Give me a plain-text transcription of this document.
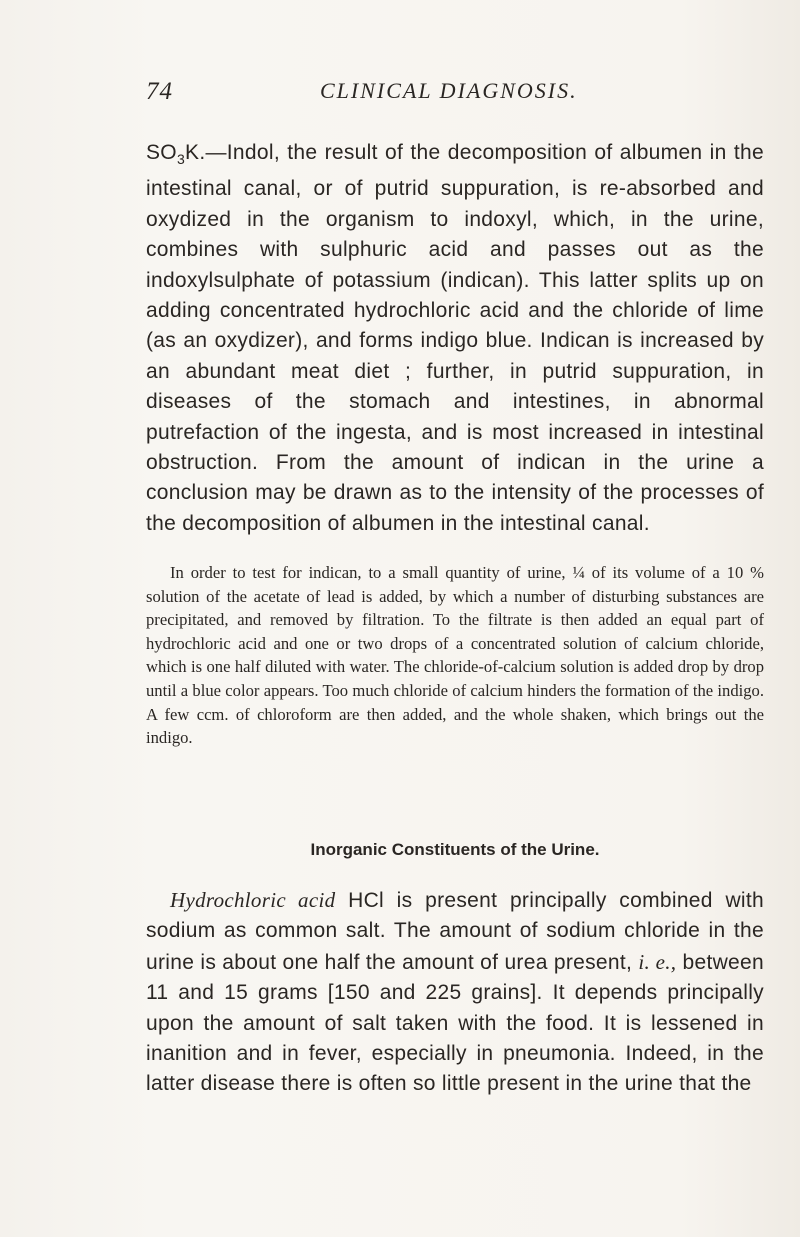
74	CLINICAL DIAGNOSIS.

$SO_3K.—Indol$, the result of the decomposition of albumen in the intestinal canal, or of putrid suppuration, is re-absorbed and oxydized in the organism to indoxyl, which, in the urine, combines with sulphuric acid and passes out as the indoxylsulphate of potassium (indican). This latter splits up on adding concentrated hydrochloric acid and the chloride of lime (as an oxydizer), and forms indigo blue. Indican is increased by an abundant meat diet ; further, in putrid suppuration, in diseases of the stomach and intestines, in abnormal putrefaction of the ingesta, and is most increased in intestinal obstruction. From the amount of indican in the urine a conclusion may be drawn as to the intensity of the processes of the decomposition of albumen in the intestinal canal.

In order to test for indican, to a small quantity of urine, ¼ of its volume of a 10 % solution of the acetate of lead is added, by which a number of disturbing substances are precipitated, and removed by filtration. To the filtrate is then added an equal part of hydrochloric acid and one or two drops of a concentrated solution of calcium chloride, which is one half diluted with water. The chloride-of-calcium solution is added drop by drop until a blue color appears. Too much chloride of calcium hinders the formation of the indigo. A few ccm. of chloroform are then added, and the whole shaken, which brings out the indigo.

Inorganic Constituents of the Urine.

Hydrochloric acid HCl is present principally combined with sodium as common salt. The amount of sodium chloride in the urine is about one half the amount of urea present, i. e., between 11 and 15 grams [150 and 225 grains]. It depends principally upon the amount of salt taken with the food. It is lessened in inanition and in fever, especially in pneumonia. Indeed, in the latter disease there is often so little present in the urine that the
